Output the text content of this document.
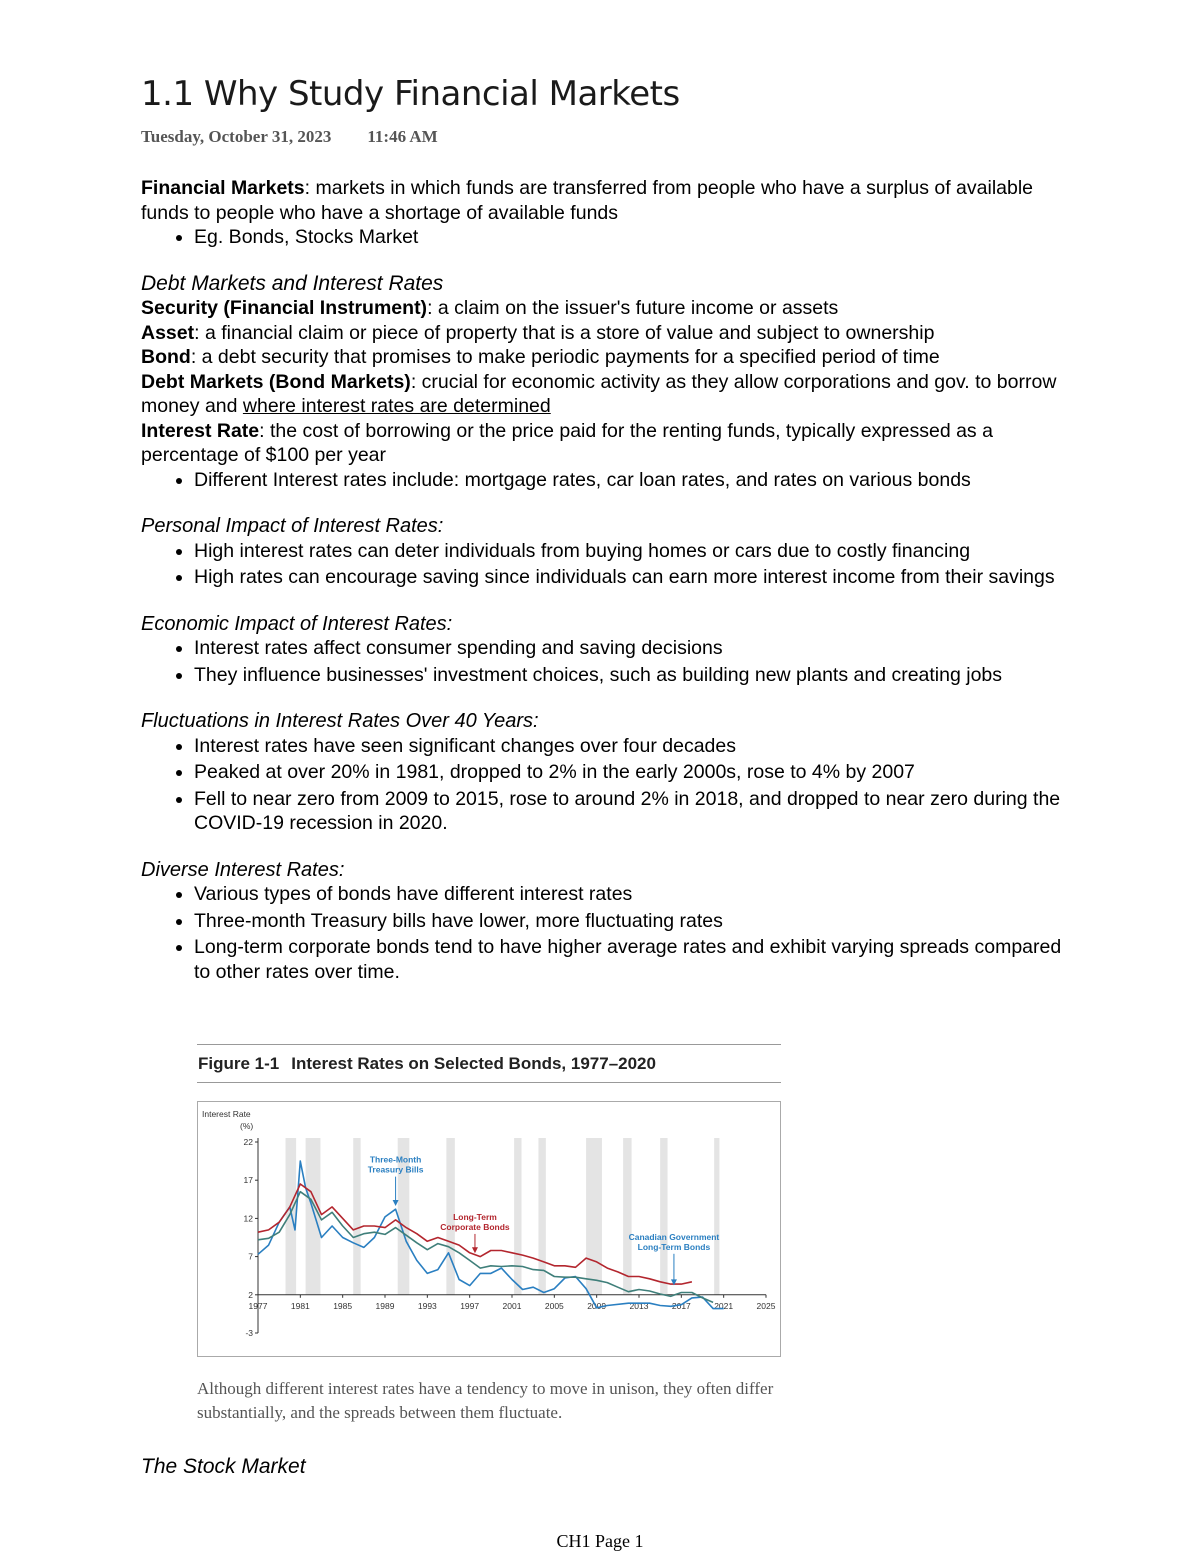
1.1 Why Study Financial Markets
Tuesday, October 31, 2023 11:46 AM

Financial Markets: markets in which funds are transferred from people who have a surplus of available funds to people who have a shortage of available funds

• Eg. Bonds, Stocks Market

Debt Markets and Interest Rates

Security (Financial Instrument): a claim on the issuer's future income or assets

Asset: a financial claim or piece of property that is a store of value and subject to ownership

Bond: a debt security that promises to make periodic payments for a specified period of time

Debt Markets (Bond Markets): crucial for economic activity as they allow corporations and gov. to borrow money and where interest rates are determined

Interest Rate: the cost of borrowing or the price paid for the renting funds, typically expressed as a percentage of $100 per year

• Different Interest rates include: mortgage rates, car loan rates, and rates on various bonds

Personal Impact of Interest Rates:

• High interest rates can deter individuals from buying homes or cars due to costly financing
• High rates can encourage saving since individuals can earn more interest income from their savings

Economic Impact of Interest Rates:

• Interest rates affect consumer spending and saving decisions
• They influence businesses' investment choices, such as building new plants and creating jobs

Fluctuations in Interest Rates Over 40 Years:

• Interest rates have seen significant changes over four decades
• Peaked at over 20% in 1981, dropped to 2% in the early 2000s, rose to 4% by 2007
• Fell to near zero from 2009 to 2015, rose to around 2% in 2018, and dropped to near zero during the COVID-19 recession in 2020.

Diverse Interest Rates:

• Various types of bonds have different interest rates
• Three-month Treasury bills have lower, more fluctuating rates
• Long-term corporate bonds tend to have higher average rates and exhibit varying spreads compared to other rates over time.
Figure 1-1 Interest Rates on Selected Bonds, 1977–2020
22
17
12
7
2
-3
1977	1981	1985	1989	1993	1997	2001	2005	2009	2013	2017	2021	2025
Three-Month
Treasury Bills
Long-Term
Corporate Bonds
Canadian Government
Long-Term Bonds
Interest Rate
(%)
Although different interest rates have a tendency to move in unison, they often differ substantially, and the spreads between them fluctuate.
The Stock Market
CH1 Page 1
